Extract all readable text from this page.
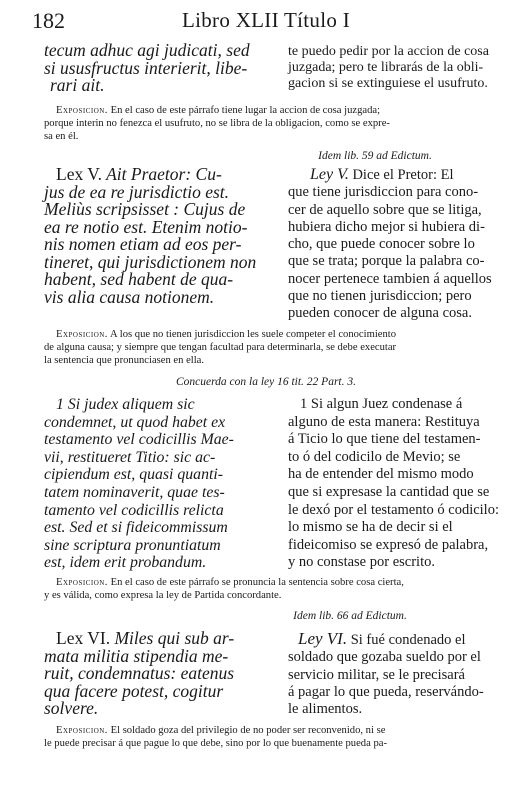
182	Libro XLII Título I
tecum adhuc agi judicati, sed
si ususfructus interierit, libe-
rari ait.
te puedo pedir por la accion de cosa
juzgada; pero te librarás de la obli-
gacion si se extinguiese el usufruto.
Exposicion. En el caso de este párrafo tiene lugar la accion de cosa juzgada;
porque interin no fenezca el usufruto, no se libra de la obligacion, como se expre-
sa en él.
Idem lib. 59 ad Edictum.
Lex V. Ait Praetor: Cu-
jus de ea re jurisdictio est.
Meliùs scripsisset : Cujus de
ea re notio est. Etenim notio-
nis nomen etiam ad eos per-
tineret, qui jurisdictionem non
habent, sed habent de qua-
vis alia causa notionem.
Ley V. Dice el Pretor: El
que tiene jurisdiccion para cono-
cer de aquello sobre que se litiga,
hubiera dicho mejor si hubiera di-
cho, que puede conocer sobre lo
que se trata; porque la palabra co-
nocer pertenece tambien á aquellos
que no tienen jurisdiccion; pero
pueden conocer de alguna cosa.
Exposicion. A los que no tienen jurisdiccion les suele competer el conocimiento
de alguna causa; y siempre que tengan facultad para determinarla, se debe executar
la sentencia que pronunciasen en ella.
Concuerda con la ley 16 tit. 22 Part. 3.
1 Si judex aliquem sic
condemnet, ut quod habet ex
testamento vel codicillis Mae-
vii, restitueret Titio: sic ac-
cipiendum est, quasi quanti-
tatem nominaverit, quae tes-
tamento vel codicillis relicta
est. Sed et si fideicommissum
sine scriptura pronuntiatum
est, idem erit probandum.
1 Si algun Juez condenase á
alguno de esta manera: Restituya
á Ticio lo que tiene del testamen-
to ó del codicilo de Mevio; se
ha de entender del mismo modo
que si expresase la cantidad que se
le dexó por el testamento ó codicilo:
lo mismo se ha de decir si el
fideicomiso se expresó de palabra,
y no constase por escrito.
Exposicion. En el caso de este párrafo se pronuncia la sentencia sobre cosa cierta,
y es válida, como expresa la ley de Partida concordante.
Idem lib. 66 ad Edictum.
Lex VI. Miles qui sub ar-
mata militia stipendia me-
ruit, condemnatus: eatenus
qua facere potest, cogitur
solvere.
Ley VI. Si fué condenado el
soldado que gozaba sueldo por el
servicio militar, se le precisará
á pagar lo que pueda, reservándo-
le alimentos.
Exposicion. El soldado goza del privilegio de no poder ser reconvenido, ni se
le puede precisar á que pague lo que debe, sino por lo que buenamente pueda pa-
